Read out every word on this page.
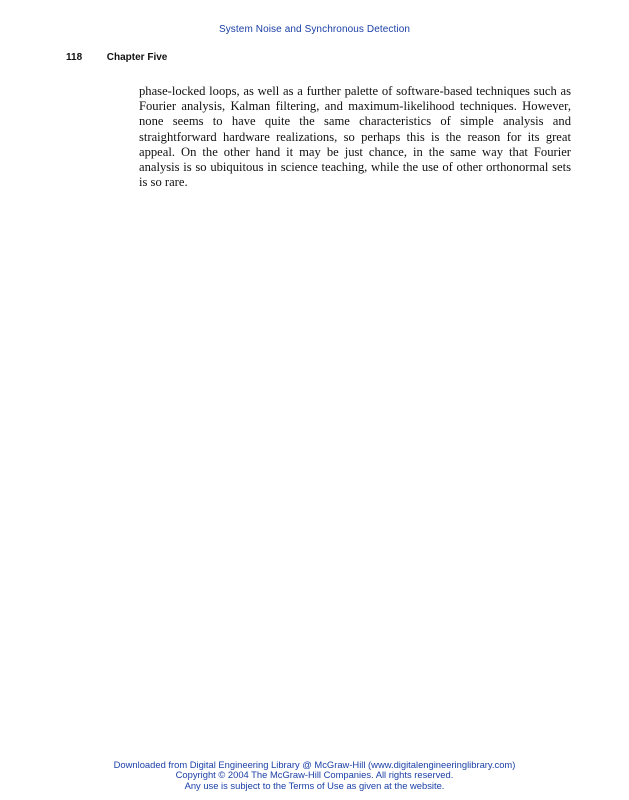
System Noise and Synchronous Detection
118 Chapter Five

phase-locked loops, as well as a further palette of software-based techniques such as Fourier analysis, Kalman filtering, and maximum-likelihood techniques. However, none seems to have quite the same characteristics of simple analysis and straightforward hardware realizations, so perhaps this is the reason for its great appeal. On the other hand it may be just chance, in the same way that Fourier analysis is so ubiquitous in science teaching, while the use of other orthonormal sets is so rare.

Downloaded from Digital Engineering Library @ McGraw-Hill (www.digitalengineeringlibrary.com)
Copyright © 2004 The McGraw-Hill Companies. All rights reserved.
Any use is subject to the Terms of Use as given at the website.
